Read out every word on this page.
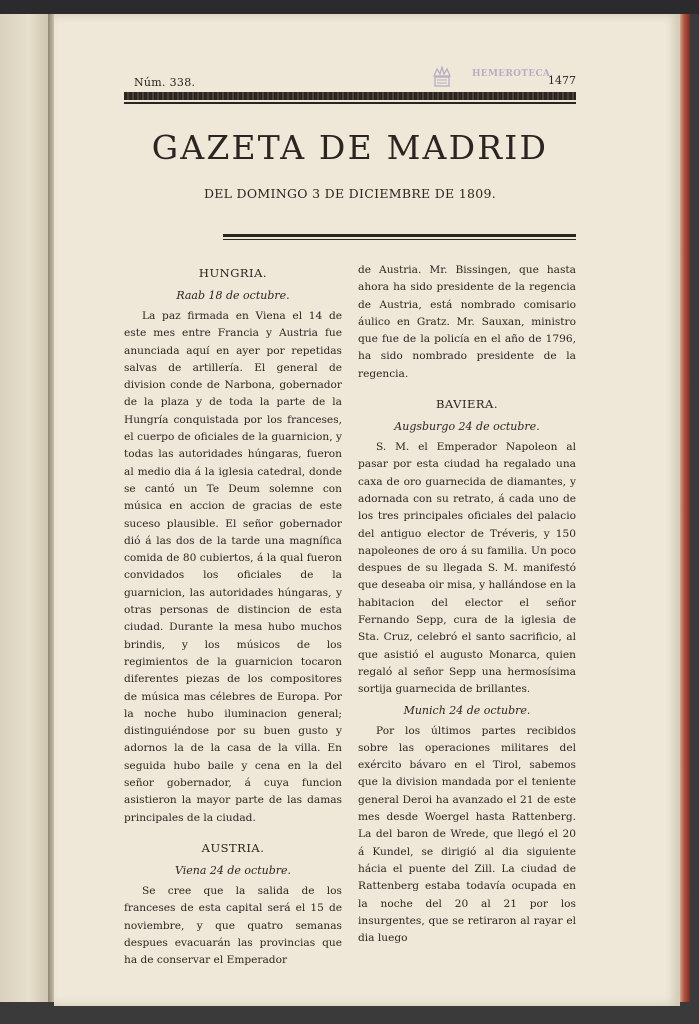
Núm. 338.	1477
HEMEROTECA
GAZETA DE MADRID
DEL DOMINGO 3 DE DICIEMBRE DE 1809.
HUNGRIA.
Raab 18 de octubre.

La paz firmada en Viena el 14 de este mes entre Francia y Austria fue anunciada aquí en ayer por repetidas salvas de artillería. El general de division conde de Narbona, gobernador de la plaza y de toda la parte de la Hungría conquistada por los franceses, el cuerpo de oficiales de la guarnicion, y todas las autoridades húngaras, fueron al medio dia á la iglesia catedral, donde se cantó un Te Deum solemne con música en accion de gracias de este suceso plausible. El señor gobernador dió á las dos de la tarde una magnífica comida de 80 cubiertos, á la qual fueron convidados los oficiales de la guarnicion, las autoridades húngaras, y otras personas de distincion de esta ciudad. Durante la mesa hubo muchos brindis, y los músicos de los regimientos de la guarnicion tocaron diferentes piezas de los compositores de música mas célebres de Europa. Por la noche hubo iluminacion general; distinguiéndose por su buen gusto y adornos la de la casa de la villa. En seguida hubo baile y cena en la del señor gobernador, á cuya funcion asistieron la mayor parte de las damas principales de la ciudad.

AUSTRIA.
Viena 24 de octubre.

Se cree que la salida de los franceses de esta capital será el 15 de noviembre, y que quatro semanas despues evacuarán las provincias que ha de conservar el Emperador

de Austria. Mr. Bissingen, que hasta ahora ha sido presidente de la regencia de Austria, está nombrado comisario áulico en Gratz. Mr. Sauxan, ministro que fue de la policía en el año de 1796, ha sido nombrado presidente de la regencia.

BAVIERA.
Augsburgo 24 de octubre.

S. M. el Emperador Napoleon al pasar por esta ciudad ha regalado una caxa de oro guarnecida de diamantes, y adornada con su retrato, á cada uno de los tres principales oficiales del palacio del antiguo elector de Tréveris, y 150 napoleones de oro á su familia. Un poco despues de su llegada S. M. manifestó que deseaba oir misa, y hallándose en la habitacion del elector el señor Fernando Sepp, cura de la iglesia de Sta. Cruz, celebró el santo sacrificio, al que asistió el augusto Monarca, quien regaló al señor Sepp una hermosísima sortija guarnecida de brillantes.

Munich 24 de octubre.

Por los últimos partes recibidos sobre las operaciones militares del exército bávaro en el Tirol, sabemos que la division mandada por el teniente general Deroi ha avanzado el 21 de este mes desde Woergel hasta Rattenberg. La del baron de Wrede, que llegó el 20 á Kundel, se dirigió al dia siguiente hácia el puente del Zill. La ciudad de Rattenberg estaba todavía ocupada en la noche del 20 al 21 por los insurgentes, que se retiraron al rayar el dia luego
